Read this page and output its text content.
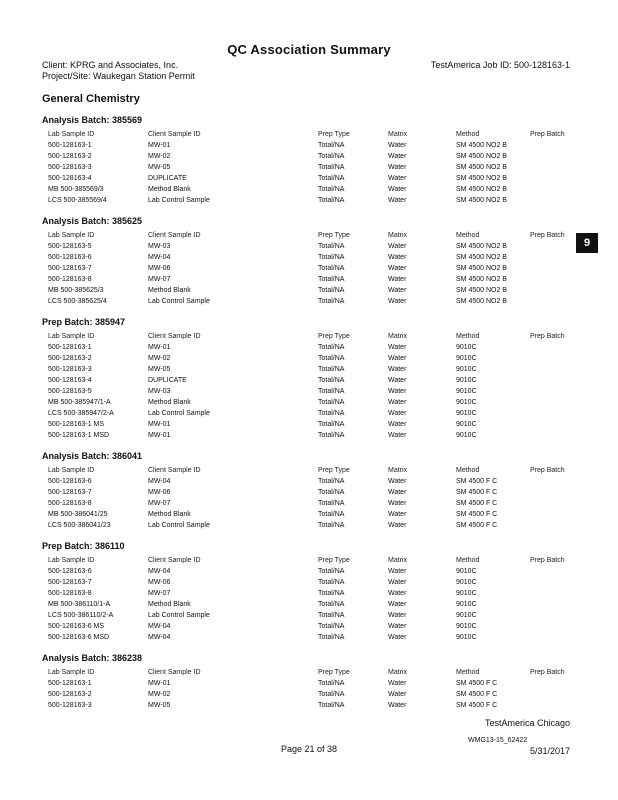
QC Association Summary
Client: KPRG and Associates, Inc.
Project/Site: Waukegan Station Permit
TestAmerica Job ID: 500-128163-1
General Chemistry
9
Analysis Batch: 385569
Lab Sample ID	Client Sample ID	Prep Type	Matrix	Method	Prep Batch
500-128163-1	MW-01	Total/NA	Water	SM 4500 NO2 B
500-128163-2	MW-02	Total/NA	Water	SM 4500 NO2 B
500-128163-3	MW-05	Total/NA	Water	SM 4500 NO2 B
500-128163-4	DUPLICATE	Total/NA	Water	SM 4500 NO2 B
MB 500-385569/3	Method Blank	Total/NA	Water	SM 4500 NO2 B
LCS 500-385569/4	Lab Control Sample	Total/NA	Water	SM 4500 NO2 B
Analysis Batch: 385625
Lab Sample ID	Client Sample ID	Prep Type	Matrix	Method	Prep Batch
500-128163-5	MW-03	Total/NA	Water	SM 4500 NO2 B
500-128163-6	MW-04	Total/NA	Water	SM 4500 NO2 B
500-128163-7	MW-06	Total/NA	Water	SM 4500 NO2 B
500-128163-8	MW-07	Total/NA	Water	SM 4500 NO2 B
MB 500-385625/3	Method Blank	Total/NA	Water	SM 4500 NO2 B
LCS 500-385625/4	Lab Control Sample	Total/NA	Water	SM 4500 NO2 B
Prep Batch: 385947
Lab Sample ID	Client Sample ID	Prep Type	Matrix	Method	Prep Batch
500-128163-1	MW-01	Total/NA	Water	9010C
500-128163-2	MW-02	Total/NA	Water	9010C
500-128163-3	MW-05	Total/NA	Water	9010C
500-128163-4	DUPLICATE	Total/NA	Water	9010C
500-128163-5	MW-03	Total/NA	Water	9010C
MB 500-385947/1-A	Method Blank	Total/NA	Water	9010C
LCS 500-385947/2-A	Lab Control Sample	Total/NA	Water	9010C
500-128163-1 MS	MW-01	Total/NA	Water	9010C
500-128163-1 MSD	MW-01	Total/NA	Water	9010C
Analysis Batch: 386041
Lab Sample ID	Client Sample ID	Prep Type	Matrix	Method	Prep Batch
500-128163-6	MW-04	Total/NA	Water	SM 4500 F C
500-128163-7	MW-06	Total/NA	Water	SM 4500 F C
500-128163-8	MW-07	Total/NA	Water	SM 4500 F C
MB 500-386041/25	Method Blank	Total/NA	Water	SM 4500 F C
LCS 500-386041/23	Lab Control Sample	Total/NA	Water	SM 4500 F C
Prep Batch: 386110
Lab Sample ID	Client Sample ID	Prep Type	Matrix	Method	Prep Batch
500-128163-6	MW-04	Total/NA	Water	9010C
500-128163-7	MW-06	Total/NA	Water	9010C
500-128163-8	MW-07	Total/NA	Water	9010C
MB 500-386110/1-A	Method Blank	Total/NA	Water	9010C
LCS 500-386110/2-A	Lab Control Sample	Total/NA	Water	9010C
500-128163-6 MS	MW-04	Total/NA	Water	9010C
500-128163-6 MSD	MW-04	Total/NA	Water	9010C
Analysis Batch: 386238
Lab Sample ID	Client Sample ID	Prep Type	Matrix	Method	Prep Batch
500-128163-1	MW-01	Total/NA	Water	SM 4500 F C
500-128163-2	MW-02	Total/NA	Water	SM 4500 F C
500-128163-3	MW-05	Total/NA	Water	SM 4500 F C
TestAmerica Chicago
WMG13-15_62422
Page 21 of 38	5/31/2017
